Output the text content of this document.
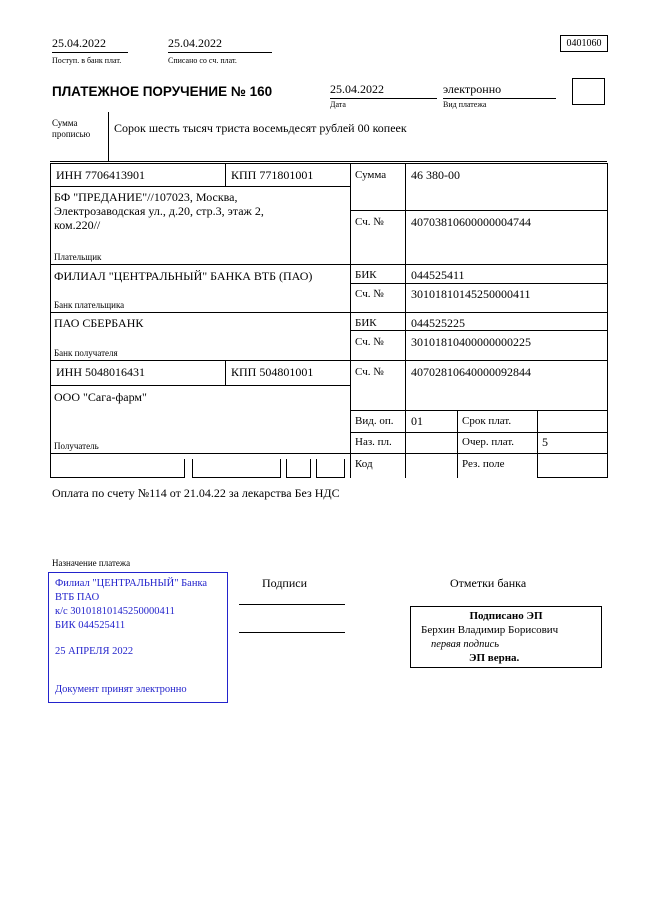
25.04.2022
Поступ. в банк плат.
25.04.2022
Списано со сч. плат.
0401060
ПЛАТЕЖНОЕ ПОРУЧЕНИЕ № 160	25.04.2022
Дата
электронно
Вид платежа
Сумма
прописью Сорок шесть тысяч триста восемьдесят рублей 00 копеек
ИНН 7706413901	КПП 771801001	Сумма 46 380-00
БФ "ПРЕДАНИЕ"//107023, Москва, Электрозаводская ул., д.20, стр.3, этаж 2, ком.220//	Сч. № 40703810600000004744
Плательщик
ФИЛИАЛ "ЦЕНТРАЛЬНЫЙ" БАНКА ВТБ (ПАО)	БИК	044525411
Сч. № 30101810145250000411
Банк плательщика
ПАО СБЕРБАНК	БИК	044525225
Сч. № 30101810400000000225
Банк получателя
ИНН 5048016431	КПП 504801001	Сч. № 40702810640000092844
ООО "Сага-фарм"
Получатель
Вид. оп. 01	Срок плат.
Наз. пл.	Очер. плат. 5
Код	Рез. поле
Оплата по счету №114 от 21.04.22 за лекарства Без НДС
Назначение платежа
Филиал "ЦЕНТРАЛЬНЫЙ" Банка
ВТБ ПАО
к/с 30101810145250000411
БИК 044525411
25 АПРЕЛЯ 2022
Документ принят электронно
Подписи	Отметки банка
Подписано ЭП
Берхин Владимир Борисович
первая подпись
ЭП верна.
